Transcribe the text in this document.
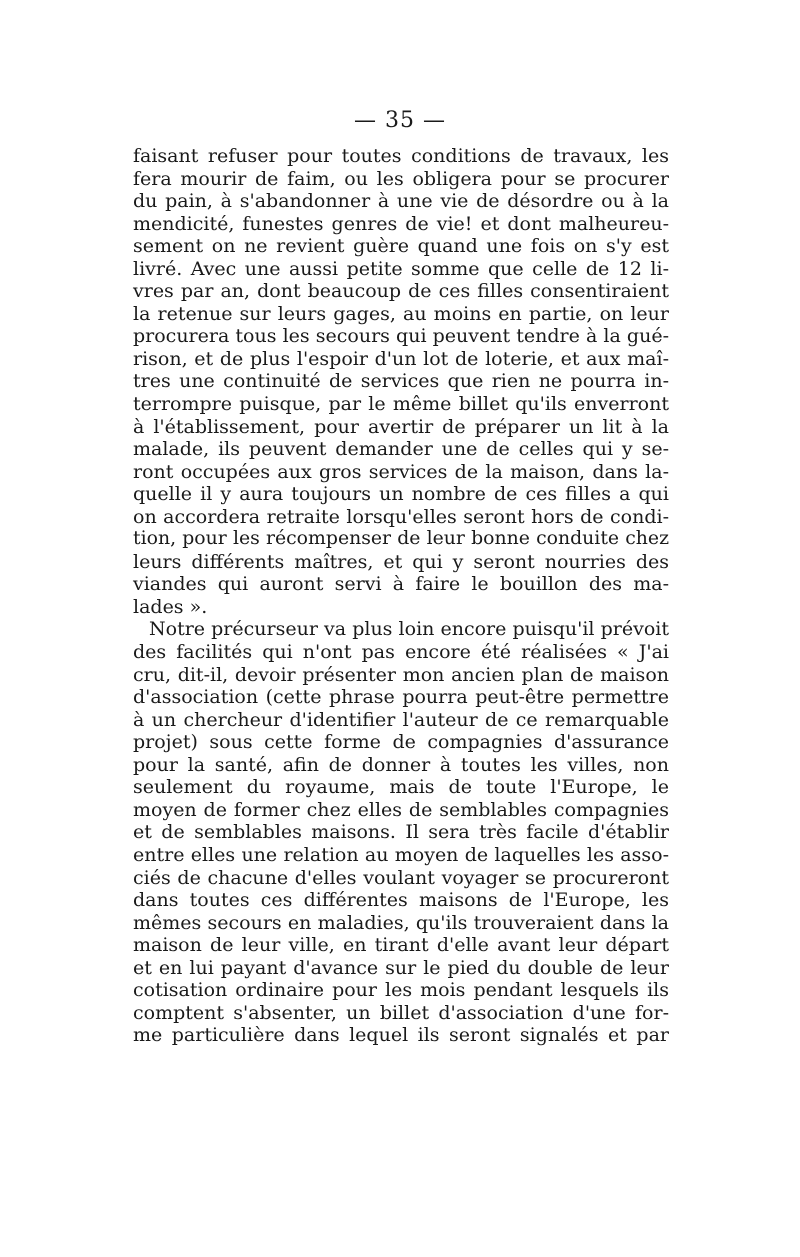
— 35 —
faisant refuser pour toutes conditions de travaux, les
fera mourir de faim, ou les obligera pour se procurer
du pain, à s'abandonner à une vie de désordre ou à la
mendicité, funestes genres de vie! et dont malheureu-
sement on ne revient guère quand une fois on s'y est
livré. Avec une aussi petite somme que celle de 12 li-
vres par an, dont beaucoup de ces filles consentiraient
la retenue sur leurs gages, au moins en partie, on leur
procurera tous les secours qui peuvent tendre à la gué-
rison, et de plus l'espoir d'un lot de loterie, et aux maî-
tres une continuité de services que rien ne pourra in-
terrompre puisque, par le même billet qu'ils enverront
à l'établissement, pour avertir de préparer un lit à la
malade, ils peuvent demander une de celles qui y se-
ront occupées aux gros services de la maison, dans la-
quelle il y aura toujours un nombre de ces filles a qui
on accordera retraite lorsqu'elles seront hors de condi-
tion, pour les récompenser de leur bonne conduite chez
leurs différents maîtres, et qui y seront nourries des
viandes qui auront servi à faire le bouillon des ma-
lades ».
Notre précurseur va plus loin encore puisqu'il prévoit
des facilités qui n'ont pas encore été réalisées « J'ai
cru, dit-il, devoir présenter mon ancien plan de maison
d'association (cette phrase pourra peut-être permettre
à un chercheur d'identifier l'auteur de ce remarquable
projet) sous cette forme de compagnies d'assurance
pour la santé, afin de donner à toutes les villes, non
seulement du royaume, mais de toute l'Europe, le
moyen de former chez elles de semblables compagnies
et de semblables maisons. Il sera très facile d'établir
entre elles une relation au moyen de laquelles les asso-
ciés de chacune d'elles voulant voyager se procureront
dans toutes ces différentes maisons de l'Europe, les
mêmes secours en maladies, qu'ils trouveraient dans la
maison de leur ville, en tirant d'elle avant leur départ
et en lui payant d'avance sur le pied du double de leur
cotisation ordinaire pour les mois pendant lesquels ils
comptent s'absenter, un billet d'association d'une for-
me particulière dans lequel ils seront signalés et par
